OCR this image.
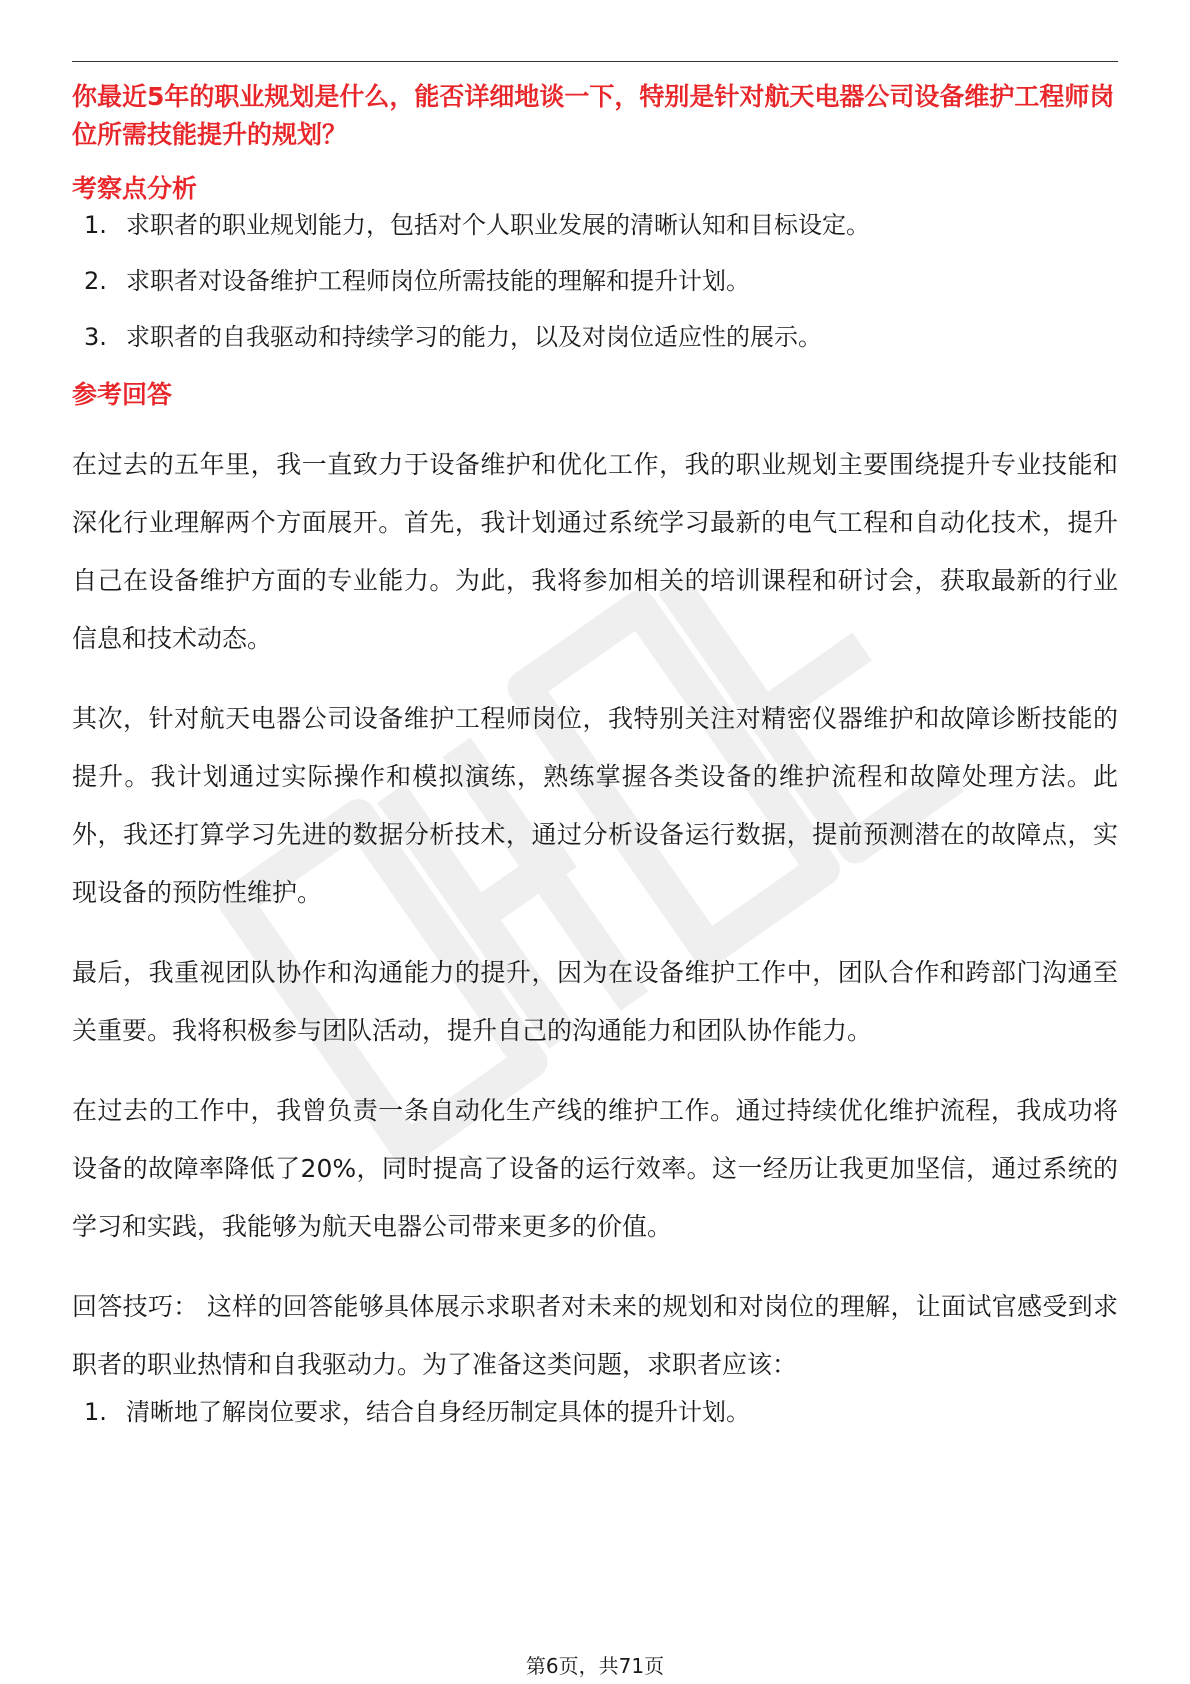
你最近5年的职业规划是什么，能否详细地谈一下，特别是针对航天电器公司设备维护工程师岗位所需技能提升的规划？

考察点分析
1. 求职者的职业规划能力，包括对个人职业发展的清晰认知和目标设定。
2. 求职者对设备维护工程师岗位所需技能的理解和提升计划。
3. 求职者的自我驱动和持续学习的能力，以及对岗位适应性的展示。
参考回答

在过去的五年里，我一直致力于设备维护和优化工作，我的职业规划主要围绕提升专业技能和深化行业理解两个方面展开。首先，我计划通过系统学习最新的电气工程和自动化技术，提升自己在设备维护方面的专业能力。为此，我将参加相关的培训课程和研讨会，获取最新的行业信息和技术动态。

其次，针对航天电器公司设备维护工程师岗位，我特别关注对精密仪器维护和故障诊断技能的提升。我计划通过实际操作和模拟演练，熟练掌握各类设备的维护流程和故障处理方法。此外，我还打算学习先进的数据分析技术，通过分析设备运行数据，提前预测潜在的故障点，实现设备的预防性维护。

最后，我重视团队协作和沟通能力的提升，因为在设备维护工作中，团队合作和跨部门沟通至关重要。我将积极参与团队活动，提升自己的沟通能力和团队协作能力。

在过去的工作中，我曾负责一条自动化生产线的维护工作。通过持续优化维护流程，我成功将设备的故障率降低了20%，同时提高了设备的运行效率。这一经历让我更加坚信，通过系统的学习和实践，我能够为航天电器公司带来更多的价值。

回答技巧： 这样的回答能够具体展示求职者对未来的规划和对岗位的理解，让面试官感受到求职者的职业热情和自我驱动力。为了准备这类问题，求职者应该：

1. 清晰地了解岗位要求，结合自身经历制定具体的提升计划。
第6页，共71页
